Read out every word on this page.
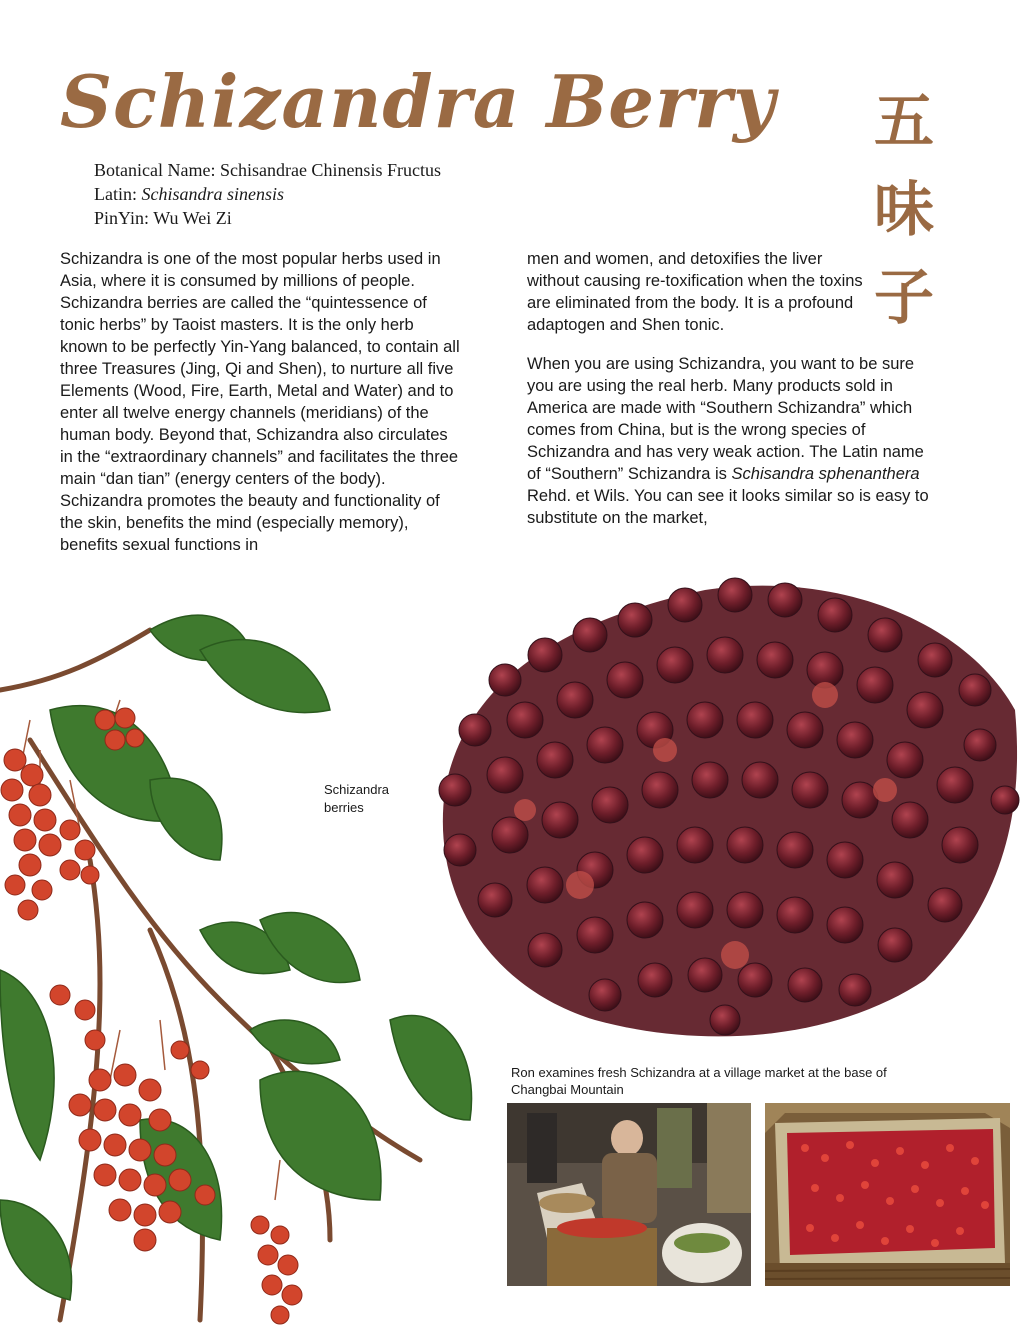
Schizandra Berry
Botanical Name: Schisandrae Chinensis Fructus
Latin: Schisandra sinensis
PinYin: Wu Wei Zi
五
味
子

Schizandra is one of the most popular herbs used in Asia, where it is consumed by millions of people. Schizandra berries are called the “quintessence of tonic herbs” by Taoist masters. It is the only herb known to be perfectly Yin-Yang balanced, to contain all three Treasures (Jing, Qi and Shen), to nurture all five Elements (Wood, Fire, Earth, Metal and Water) and to enter all twelve energy channels (meridians) of the human body. Beyond that, Schizandra also circulates in the “extraordinary channels” and facilitates the three main “dan tian” (energy centers of the body). Schizandra promotes the beauty and functionality of the skin, benefits the mind (especially memory), benefits sexual functions in

men and women, and detoxifies the liver without causing re-toxification when the toxins are eliminated from the body. It is a profound adaptogen and Shen tonic.

When you are using Schizandra, you want to be sure you are using the real herb. Many products sold in America are made with “Southern Schizandra” which comes from China, but is the wrong species of Schizandra and has very weak action. The Latin name of “Southern” Schizandra is Schisandra sphenanthera Rehd. et Wils. You can see it looks similar so is easy to substitute on the market,

Schizandra berries
Ron examines fresh Schizandra at a village market at the base of Changbai Mountain
